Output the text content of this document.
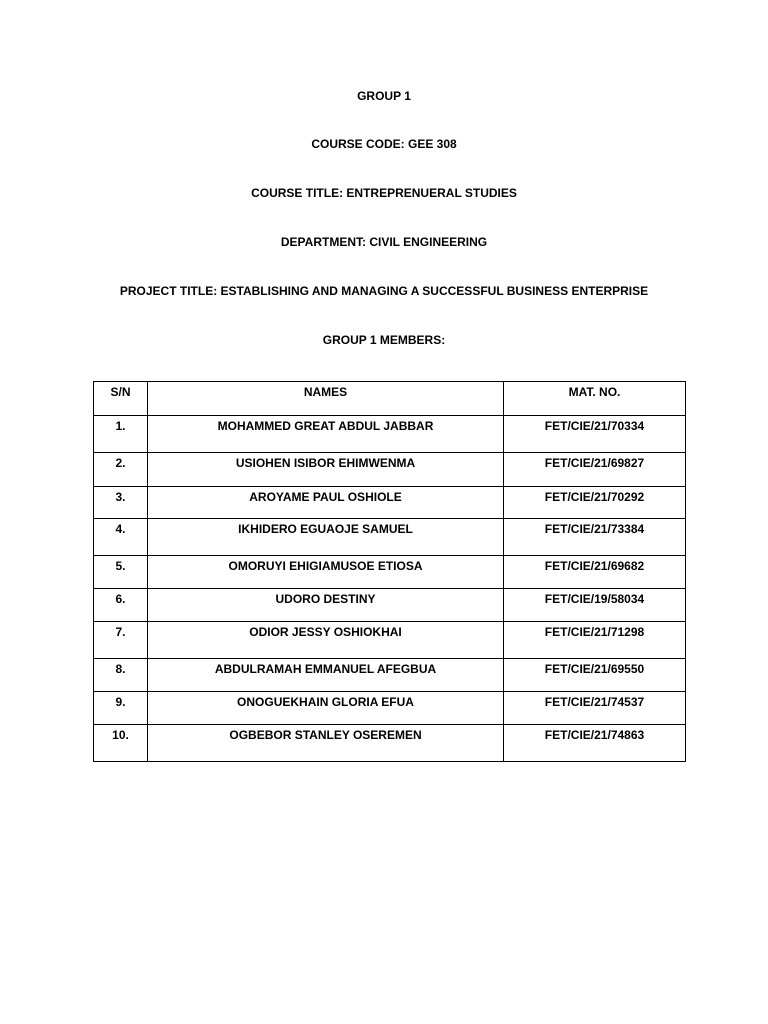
GROUP 1
COURSE CODE: GEE 308
COURSE TITLE: ENTREPRENUERAL STUDIES
DEPARTMENT: CIVIL ENGINEERING
PROJECT TITLE: ESTABLISHING AND MANAGING A SUCCESSFUL BUSINESS ENTERPRISE
GROUP 1 MEMBERS:
S/N	NAMES	MAT. NO.
1.	MOHAMMED GREAT ABDUL JABBAR	FET/CIE/21/70334
2.	USIOHEN ISIBOR EHIMWENMA	FET/CIE/21/69827
3.	AROYAME PAUL OSHIOLE	FET/CIE/21/70292
4.	IKHIDERO EGUAOJE SAMUEL	FET/CIE/21/73384
5.	OMORUYI EHIGIAMUSOE ETIOSA	FET/CIE/21/69682
6.	UDORO DESTINY	FET/CIE/19/58034
7.	ODIOR JESSY OSHIOKHAI	FET/CIE/21/71298
8.	ABDULRAMAH EMMANUEL AFEGBUA	FET/CIE/21/69550
9.	ONOGUEKHAIN GLORIA EFUA	FET/CIE/21/74537
10.	OGBEBOR STANLEY OSEREMEN	FET/CIE/21/74863
